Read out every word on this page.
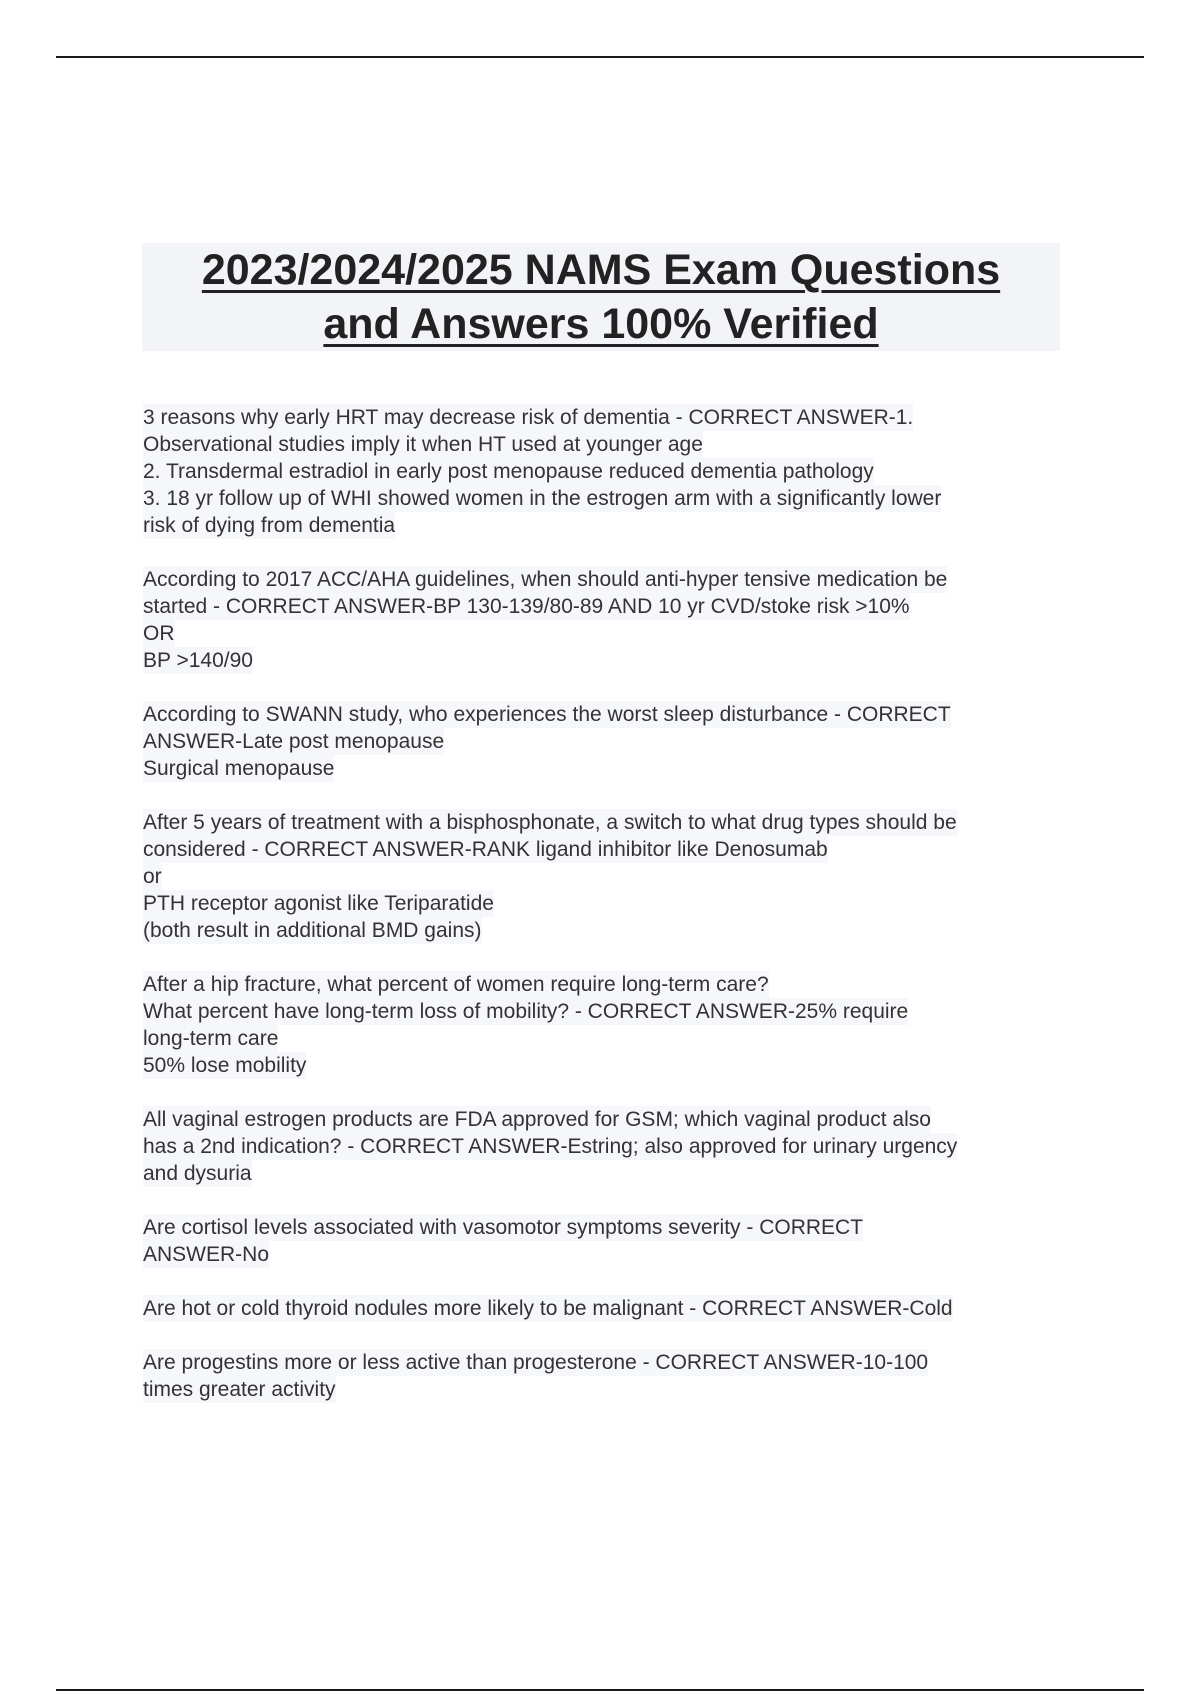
2023/2024/2025 NAMS Exam Questions
and Answers 100% Verified
3 reasons why early HRT may decrease risk of dementia - CORRECT ANSWER-1.
Observational studies imply it when HT used at younger age
2. Transdermal estradiol in early post menopause reduced dementia pathology
3. 18 yr follow up of WHI showed women in the estrogen arm with a significantly lower
risk of dying from dementia
According to 2017 ACC/AHA guidelines, when should anti-hyper tensive medication be
started - CORRECT ANSWER-BP 130-139/80-89 AND 10 yr CVD/stoke risk >10%
OR
BP >140/90
According to SWANN study, who experiences the worst sleep disturbance - CORRECT
ANSWER-Late post menopause
Surgical menopause
After 5 years of treatment with a bisphosphonate, a switch to what drug types should be
considered - CORRECT ANSWER-RANK ligand inhibitor like Denosumab
or
PTH receptor agonist like Teriparatide
(both result in additional BMD gains)
After a hip fracture, what percent of women require long-term care?
What percent have long-term loss of mobility? - CORRECT ANSWER-25% require
long-term care
50% lose mobility
All vaginal estrogen products are FDA approved for GSM; which vaginal product also
has a 2nd indication? - CORRECT ANSWER-Estring; also approved for urinary urgency
and dysuria
Are cortisol levels associated with vasomotor symptoms severity - CORRECT
ANSWER-No
Are hot or cold thyroid nodules more likely to be malignant - CORRECT ANSWER-Cold
Are progestins more or less active than progesterone - CORRECT ANSWER-10-100
times greater activity
